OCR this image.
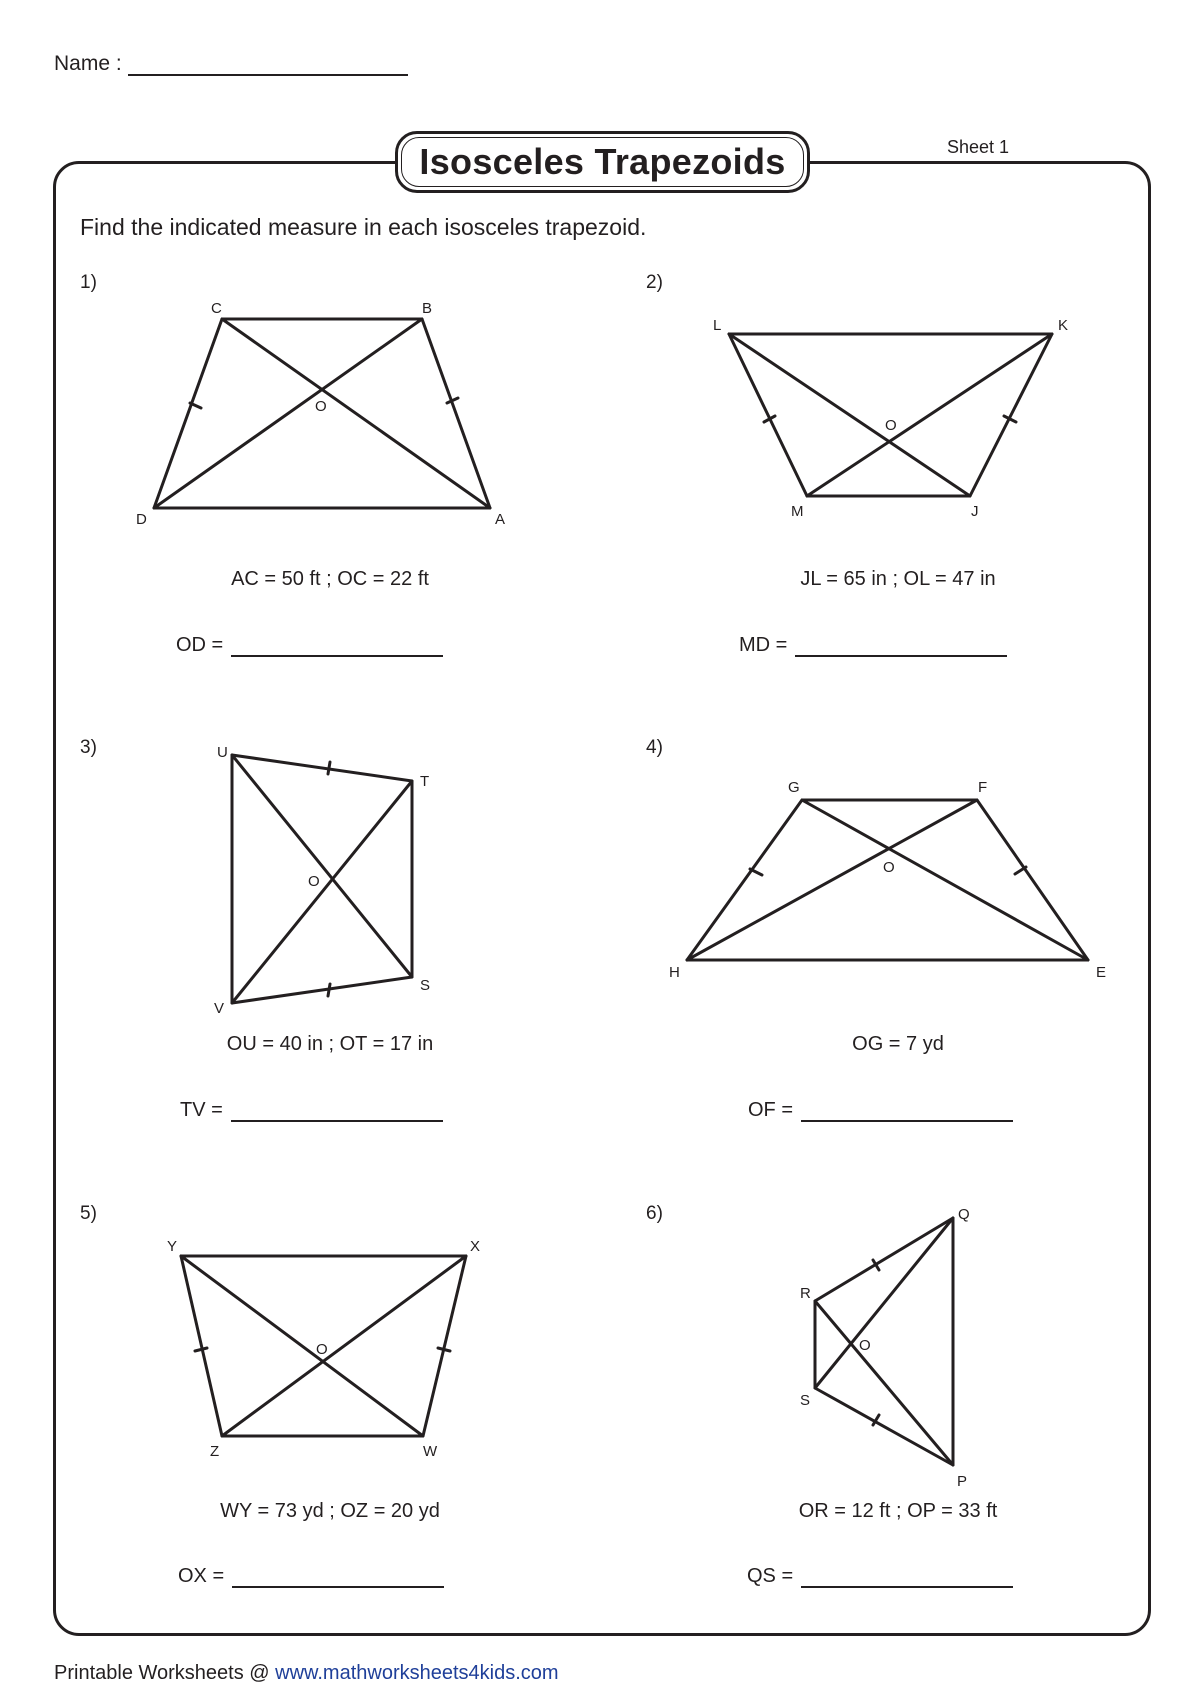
Name :
Isosceles Trapezoids	Sheet 1
Find the indicated measure in each isosceles trapezoid.
C	B
A
D
O
L	K
J
M
O
U
T
S
V
O
G	F
E
H
O
Y	X
W
Z
O
Q
P
S
R
O
1)	2)
3)	4)
5)	6)
AC = 50 ft ; OC = 22 ft	JL = 65 in ; OL = 47 in
OU = 40 in ; OT = 17 in	OG = 7 yd
WY = 73 yd ; OZ = 20 yd	OR = 12 ft ; OP = 33 ft
OD =	MD =
TV =	OF =
OX =	QS =
Printable Worksheets @ www.mathworksheets4kids.com
